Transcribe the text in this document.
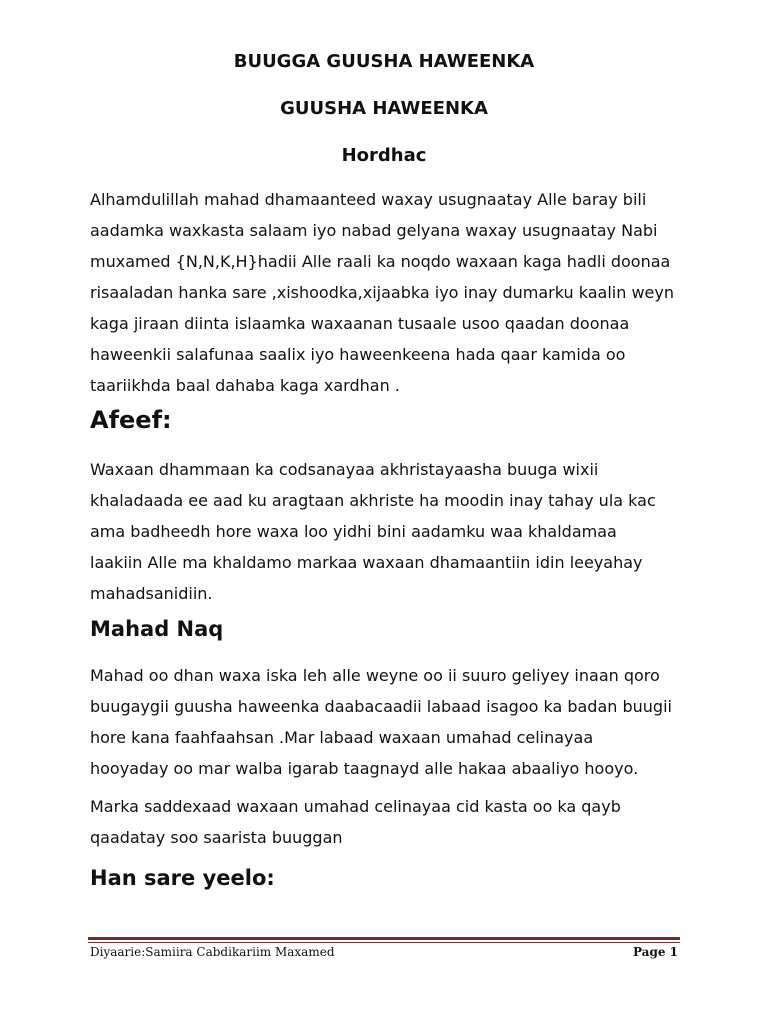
BUUGGA GUUSHA HAWEENKA
GUUSHA HAWEENKA
Hordhac
Alhamdulillah mahad dhamaanteed waxay usugnaatay Alle baray bili
aadamka waxkasta salaam iyo nabad gelyana waxay usugnaatay Nabi
muxamed {N,N,K,H}hadii Alle raali ka noqdo waxaan kaga hadli doonaa
risaaladan hanka sare ,xishoodka,xijaabka iyo inay dumarku kaalin weyn
kaga jiraan diinta islaamka waxaanan tusaale usoo qaadan doonaa
haweenkii salafunaa saalix iyo haweenkeena hada qaar kamida oo
taariikhda baal dahaba kaga xardhan .
Afeef:
Waxaan dhammaan ka codsanayaa akhristayaasha buuga wixii
khaladaada ee aad ku aragtaan akhriste ha moodin inay tahay ula kac
ama badheedh hore waxa loo yidhi bini aadamku waa khaldamaa
laakiin Alle ma khaldamo markaa waxaan dhamaantiin idin leeyahay
mahadsanidiin.
Mahad Naq
Mahad oo dhan waxa iska leh alle weyne oo ii suuro geliyey inaan qoro
buugaygii guusha haweenka daabacaadii labaad isagoo ka badan buugii
hore kana faahfaahsan .Mar labaad waxaan umahad celinayaa
hooyaday oo mar walba igarab taagnayd alle hakaa abaaliyo hooyo.
Marka saddexaad waxaan umahad celinayaa cid kasta oo ka qayb
qaadatay soo saarista buuggan
Han sare yeelo:
Diyaarie:Samiira Cabdikariim Maxamed	Page 1
